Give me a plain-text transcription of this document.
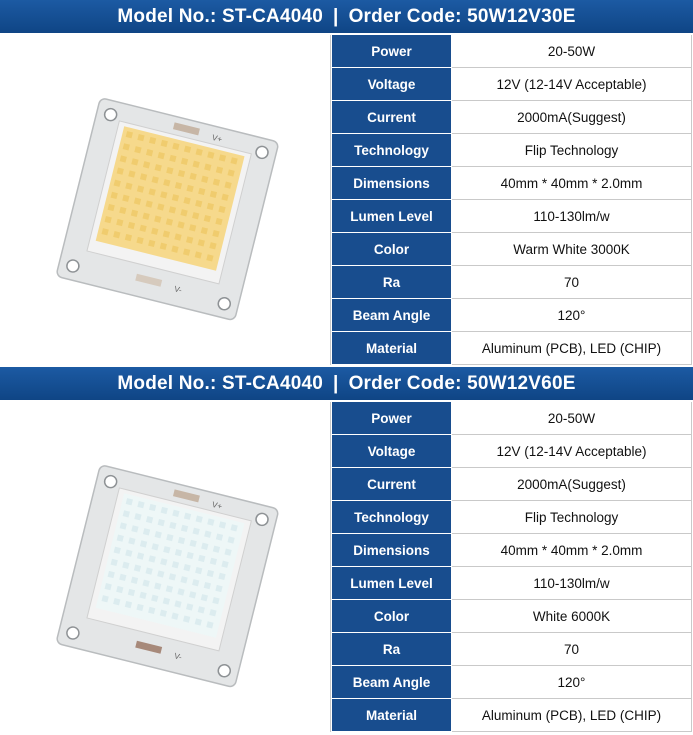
Model No.: ST-CA4040 | Order Code: 50W12V30E
V+
V-
Power	20-50W
Voltage	12V (12-14V Acceptable)
Current	2000mA(Suggest)
Technology	Flip Technology
Dimensions	40mm * 40mm * 2.0mm
Lumen Level	110-130lm/w
Color	Warm White 3000K
Ra	70
Beam Angle	120°
Material	Aluminum (PCB), LED (CHIP)
Model No.: ST-CA4040 | Order Code: 50W12V60E
V+
V-
Power	20-50W
Voltage	12V (12-14V Acceptable)
Current	2000mA(Suggest)
Technology	Flip Technology
Dimensions	40mm * 40mm * 2.0mm
Lumen Level	110-130lm/w
Color	White 6000K
Ra	70
Beam Angle	120°
Material	Aluminum (PCB), LED (CHIP)
